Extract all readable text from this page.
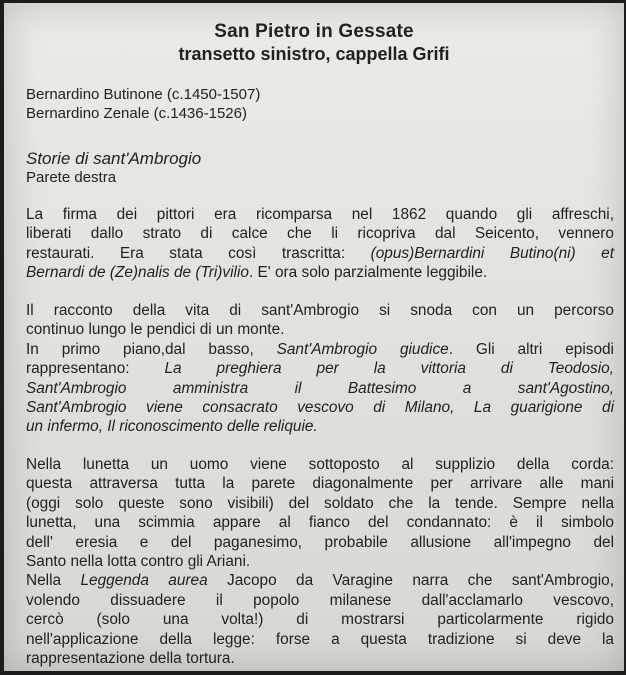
San Pietro in Gessate
transetto sinistro, cappella Grifi
Bernardino Butinone (c.1450-1507)
Bernardino Zenale (c.1436-1526)
Storie di sant'Ambrogio
Parete destra
La firma dei pittori era ricomparsa nel 1862 quando gli affreschi,
liberati dallo strato di calce che li ricopriva dal Seicento, vennero
restaurati. Era stata così trascritta: (opus)Bernardini Butino(ni) et
Bernardi de (Ze)nalis de (Tri)vilio. E' ora solo parzialmente leggibile.
Il racconto della vita di sant'Ambrogio si snoda con un percorso
continuo lungo le pendici di un monte.
In primo piano,dal basso, Sant'Ambrogio giudice. Gli altri episodi
rappresentano: La preghiera per la vittoria di Teodosio,
Sant'Ambrogio amministra il Battesimo a sant'Agostino,
Sant'Ambrogio viene consacrato vescovo di Milano, La guarigione di
un infermo, Il riconoscimento delle reliquie.
Nella lunetta un uomo viene sottoposto al supplizio della corda:
questa attraversa tutta la parete diagonalmente per arrivare alle mani
(oggi solo queste sono visibili) del soldato che la tende. Sempre nella
lunetta, una scimmia appare al fianco del condannato: è il simbolo
dell' eresia e del paganesimo, probabile allusione all'impegno del
Santo nella lotta contro gli Ariani.
Nella Leggenda aurea Jacopo da Varagine narra che sant'Ambrogio,
volendo dissuadere il popolo milanese dall'acclamarlo vescovo,
cercò (solo una volta!) di mostrarsi particolarmente rigido
nell'applicazione della legge: forse a questa tradizione si deve la
rappresentazione della tortura.
